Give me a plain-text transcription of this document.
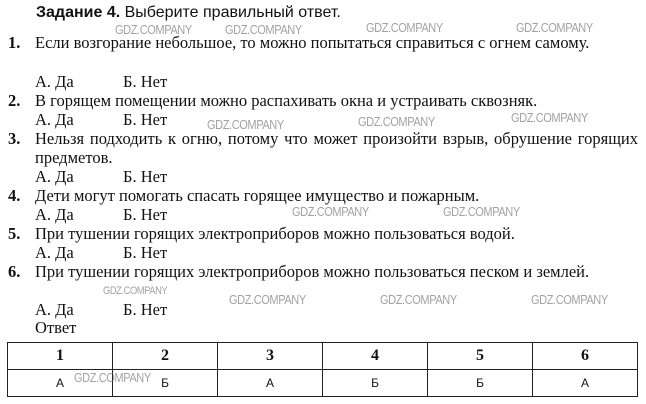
Задание 4. Выберите правильный ответ.
1. Если возгорание небольшое, то можно попытаться справиться с огнем самому.
А. Да	Б. Нет
2. В горящем помещении можно распахивать окна и устраивать сквозняк.
А. Да	Б. Нет
3. Нельзя подходить к огню, потому что может произойти взрыв, обрушение горящих предметов.
А. Да	Б. Нет
4. Дети могут помогать спасать горящее имущество и пожарным.
А. Да	Б. Нет
5. При тушении горящих электроприборов можно пользоваться водой.
А. Да	Б. Нет
6. При тушении горящих электроприборов можно пользоваться песком и землей.
А. Да	Б. Нет
Ответ
1	2	3	4	5	6
А	Б	А	Б	Б	А
GDZ.COMPANY	GDZ.COMPANY	GDZ.COMPANY	GDZ.COMPANY
GDZ.COMPANY	GDZ.COMPANY	GDZ.COMPANY
GDZ.COMPANY	GDZ.COMPANY
GDZ.COMPANY
GDZ.COMPANY	GDZ.COMPANY	GDZ.COMPANY
GDZ.COMPANY
